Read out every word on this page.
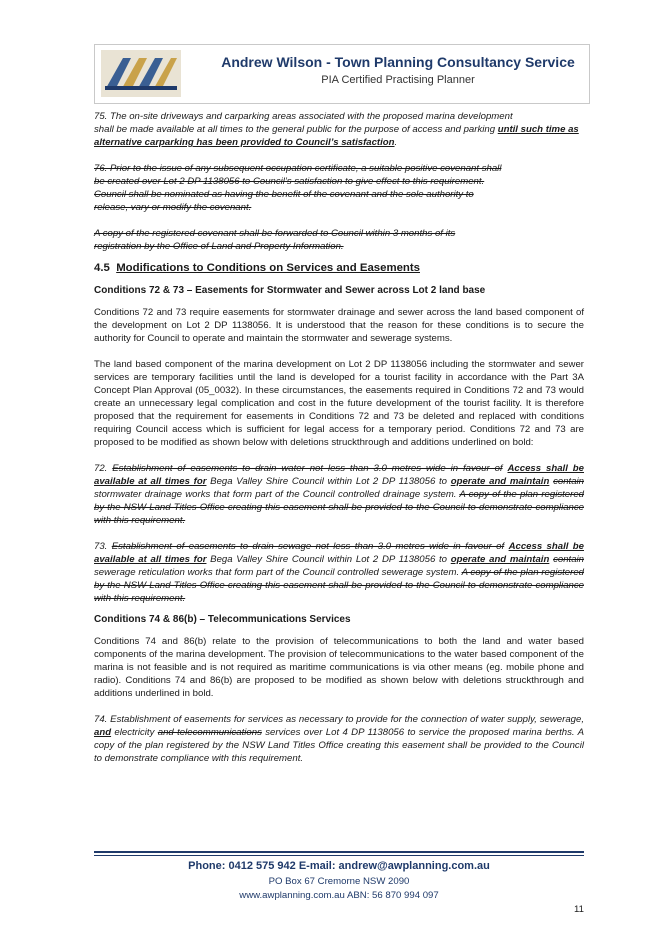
Andrew Wilson - Town Planning Consultancy Service
PIA Certified Practising Planner

75. The on-site driveways and carparking areas associated with the proposed marina development
shall be made available at all times to the general public for the purpose of access and parking until such time as alternative carparking has been provided to Council’s satisfaction.

76. Prior to the issue of any subsequent occupation certificate, a suitable positive covenant shall
be created over Lot 2 DP 1138056 to Council’s satisfaction to give effect to this requirement.
Council shall be nominated as having the benefit of the covenant and the sole authority to
release, vary or modify the covenant.

A copy of the registered covenant shall be forwarded to Council within 3 months of its
registration by the Office of Land and Property Information.

4.5 Modifications to Conditions on Services and Easements

Conditions 72 & 73 – Easements for Stormwater and Sewer across Lot 2 land base

Conditions 72 and 73 require easements for stormwater drainage and sewer across the land based component of the development on Lot 2 DP 1138056. It is understood that the reason for these conditions is to secure the authority for Council to operate and maintain the stormwater and sewerage systems.

The land based component of the marina development on Lot 2 DP 1138056 including the stormwater and sewer services are temporary facilities until the land is developed for a tourist facility in accordance with the Part 3A Concept Plan Approval (05_0032). In these circumstances, the easements required in Conditions 72 and 73 would create an unnecessary legal complication and cost in the future development of the tourist facility. It is therefore proposed that the requirement for easements in Conditions 72 and 73 be deleted and replaced with conditions requiring Council access which is sufficient for legal access for a temporary period. Conditions 72 and 73 are proposed to be modified as shown below with deletions struckthrough and additions underlined on bold:

72. Establishment of easements to drain water not less than 3.0 metres wide in favour of Access shall be available at all times for Bega Valley Shire Council within Lot 2 DP 1138056 to operate and maintain contain stormwater drainage works that form part of the Council controlled drainage system. A copy of the plan registered by the NSW Land Titles Office creating this easement shall be provided to the Council to demonstrate compliance with this requirement.

73. Establishment of easements to drain sewage not less than 3.0 metres wide in favour of Access shall be available at all times for Bega Valley Shire Council within Lot 2 DP 1138056 to operate and maintain contain sewerage reticulation works that form part of the Council controlled sewerage system. A copy of the plan registered by the NSW Land Titles Office creating this easement shall be provided to the Council to demonstrate compliance with this requirement.

Conditions 74 & 86(b) – Telecommunications Services

Conditions 74 and 86(b) relate to the provision of telecommunications to both the land and water based components of the marina development. The provision of telecommunications to the water based component of the marina is not feasible and is not required as maritime communications is via other means (eg. mobile phone and radio). Conditions 74 and 86(b) are proposed to be modified as shown below with deletions struckthrough and additions underlined in bold.

74. Establishment of easements for services as necessary to provide for the connection of water supply, sewerage, and electricity and telecommunications services over Lot 4 DP 1138056 to service the proposed marina berths. A copy of the plan registered by the NSW Land Titles Office creating this easement shall be provided to the Council to demonstrate compliance with this requirement.

Phone: 0412 575 942 E-mail: andrew@awplanning.com.au
PO Box 67 Cremorne NSW 2090
www.awplanning.com.au ABN: 56 870 994 097
11
